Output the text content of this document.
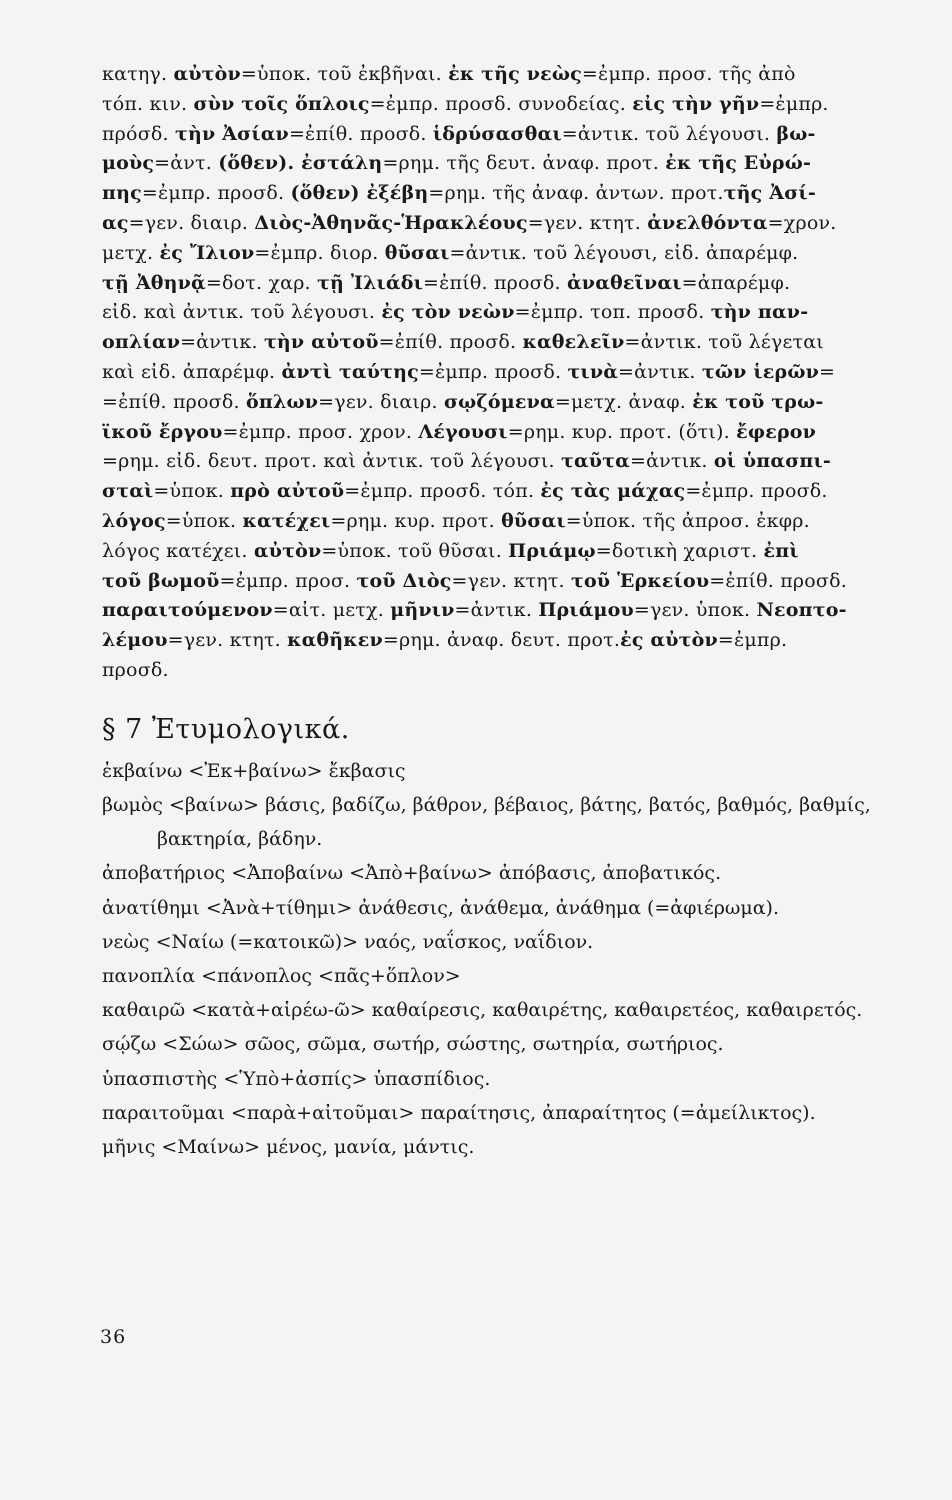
κατηγ. αὐτὸν=ὑποκ. τοῦ ἐκβῆναι. ἐκ τῆς νεὼς=ἐμπρ. προσ. τῆς ἀπὸ

τόπ. κιν. σὺν τοῖς ὅπλοις=ἐμπρ. προσδ. συνοδείας. εἰς τὴν γῆν=ἐμπρ.

πρόσδ. τὴν Ἀσίαν=ἐπίθ. προσδ. ἱδρύσασθαι=ἀντικ. τοῦ λέγουσι. βω-

μοὺς=ἀντ. (ὅθεν). ἐστάλη=ρημ. τῆς δευτ. ἀναφ. προτ. ἐκ τῆς Εὐρώ-

πης=ἐμπρ. προσδ. (ὅθεν) ἐξέβη=ρημ. τῆς ἀναφ. ἀντων. προτ.τῆς Ἀσί-

ας=γεν. διαιρ. Διὸς-Ἀθηνᾶς-Ἡρακλέους=γεν. κτητ. ἀνελθόντα=χρον.

μετχ. ἐς Ἴλιον=ἐμπρ. διορ. θῦσαι=ἀντικ. τοῦ λέγουσι, εἰδ. ἀπαρέμφ.

τῇ Ἀθηνᾷ=δοτ. χαρ. τῇ Ἰλιάδι=ἐπίθ. προσδ. ἀναθεῖναι=ἀπαρέμφ.

εἰδ. καὶ ἀντικ. τοῦ λέγουσι. ἐς τὸν νεὼν=ἐμπρ. τοπ. προσδ. τὴν παν-

οπλίαν=ἀντικ. τὴν αὐτοῦ=ἐπίθ. προσδ. καθελεῖν=ἀντικ. τοῦ λέγεται

καὶ εἰδ. ἀπαρέμφ. ἀντὶ ταύτης=ἐμπρ. προσδ. τινὰ=ἀντικ. τῶν ἱερῶν=

=ἐπίθ. προσδ. ὅπλων=γεν. διαιρ. σῳζόμενα=μετχ. ἀναφ. ἐκ τοῦ τρω-

ϊκοῦ ἔργου=ἐμπρ. προσ. χρον. Λέγουσι=ρημ. κυρ. προτ. (ὅτι). ἔφερον

=ρημ. εἰδ. δευτ. προτ. καὶ ἀντικ. τοῦ λέγουσι. ταῦτα=ἀντικ. οἱ ὑπασπι-

σταὶ=ὑποκ. πρὸ αὐτοῦ=ἐμπρ. προσδ. τόπ. ἐς τὰς μάχας=ἐμπρ. προσδ.

λόγος=ὑποκ. κατέχει=ρημ. κυρ. προτ. θῦσαι=ὑποκ. τῆς ἀπροσ. ἐκφρ.

λόγος κατέχει. αὐτὸν=ὑποκ. τοῦ θῦσαι. Πριάμῳ=δοτικὴ χαριστ. ἐπὶ

τοῦ βωμοῦ=ἐμπρ. προσ. τοῦ Διὸς=γεν. κτητ. τοῦ Ἑρκείου=ἐπίθ. προσδ.

παραιτούμενον=αἰτ. μετχ. μῆνιν=ἀντικ. Πριάμου=γεν. ὑποκ. Νεοπτο-

λέμου=γεν. κτητ. καθῆκεν=ρημ. ἀναφ. δευτ. προτ.ἐς αὐτὸν=ἐμπρ.

προσδ.

§ 7 Ἐτυμολογικά.
ἐκβαίνω <Ἐκ+βαίνω> ἔκβασις
βωμὸς <βαίνω> βάσις, βαδίζω, βάθρον, βέβαιος, βάτης, βατός, βαθμός, βαθμίς, βακτηρία, βάδην.
ἀποβατήριος <Ἀποβαίνω <Ἀπὸ+βαίνω> ἀπόβασις, ἀποβατικός.
ἀνατίθημι <Ἀνὰ+τίθημι> ἀνάθεσις, ἀνάθεμα, ἀνάθημα (=ἀφιέρωμα).
νεὼς <Ναίω (=κατοικῶ)> ναός, ναΐσκος, ναΐδιον.
πανοπλία <πάνοπλος <πᾶς+ὅπλον>
καθαιρῶ <κατὰ+αἱρέω-ῶ> καθαίρεσις, καθαιρέτης, καθαιρετέος, καθαιρετός.
σῴζω <Σώω> σῶος, σῶμα, σωτήρ, σώστης, σωτηρία, σωτήριος.
ὑπασπιστὴς <Ὑπὸ+ἀσπίς> ὑπασπίδιος.
παραιτοῦμαι <παρὰ+αἰτοῦμαι> παραίτησις, ἀπαραίτητος (=ἀμείλικτος).
μῆνις <Μαίνω> μένος, μανία, μάντις.
36
